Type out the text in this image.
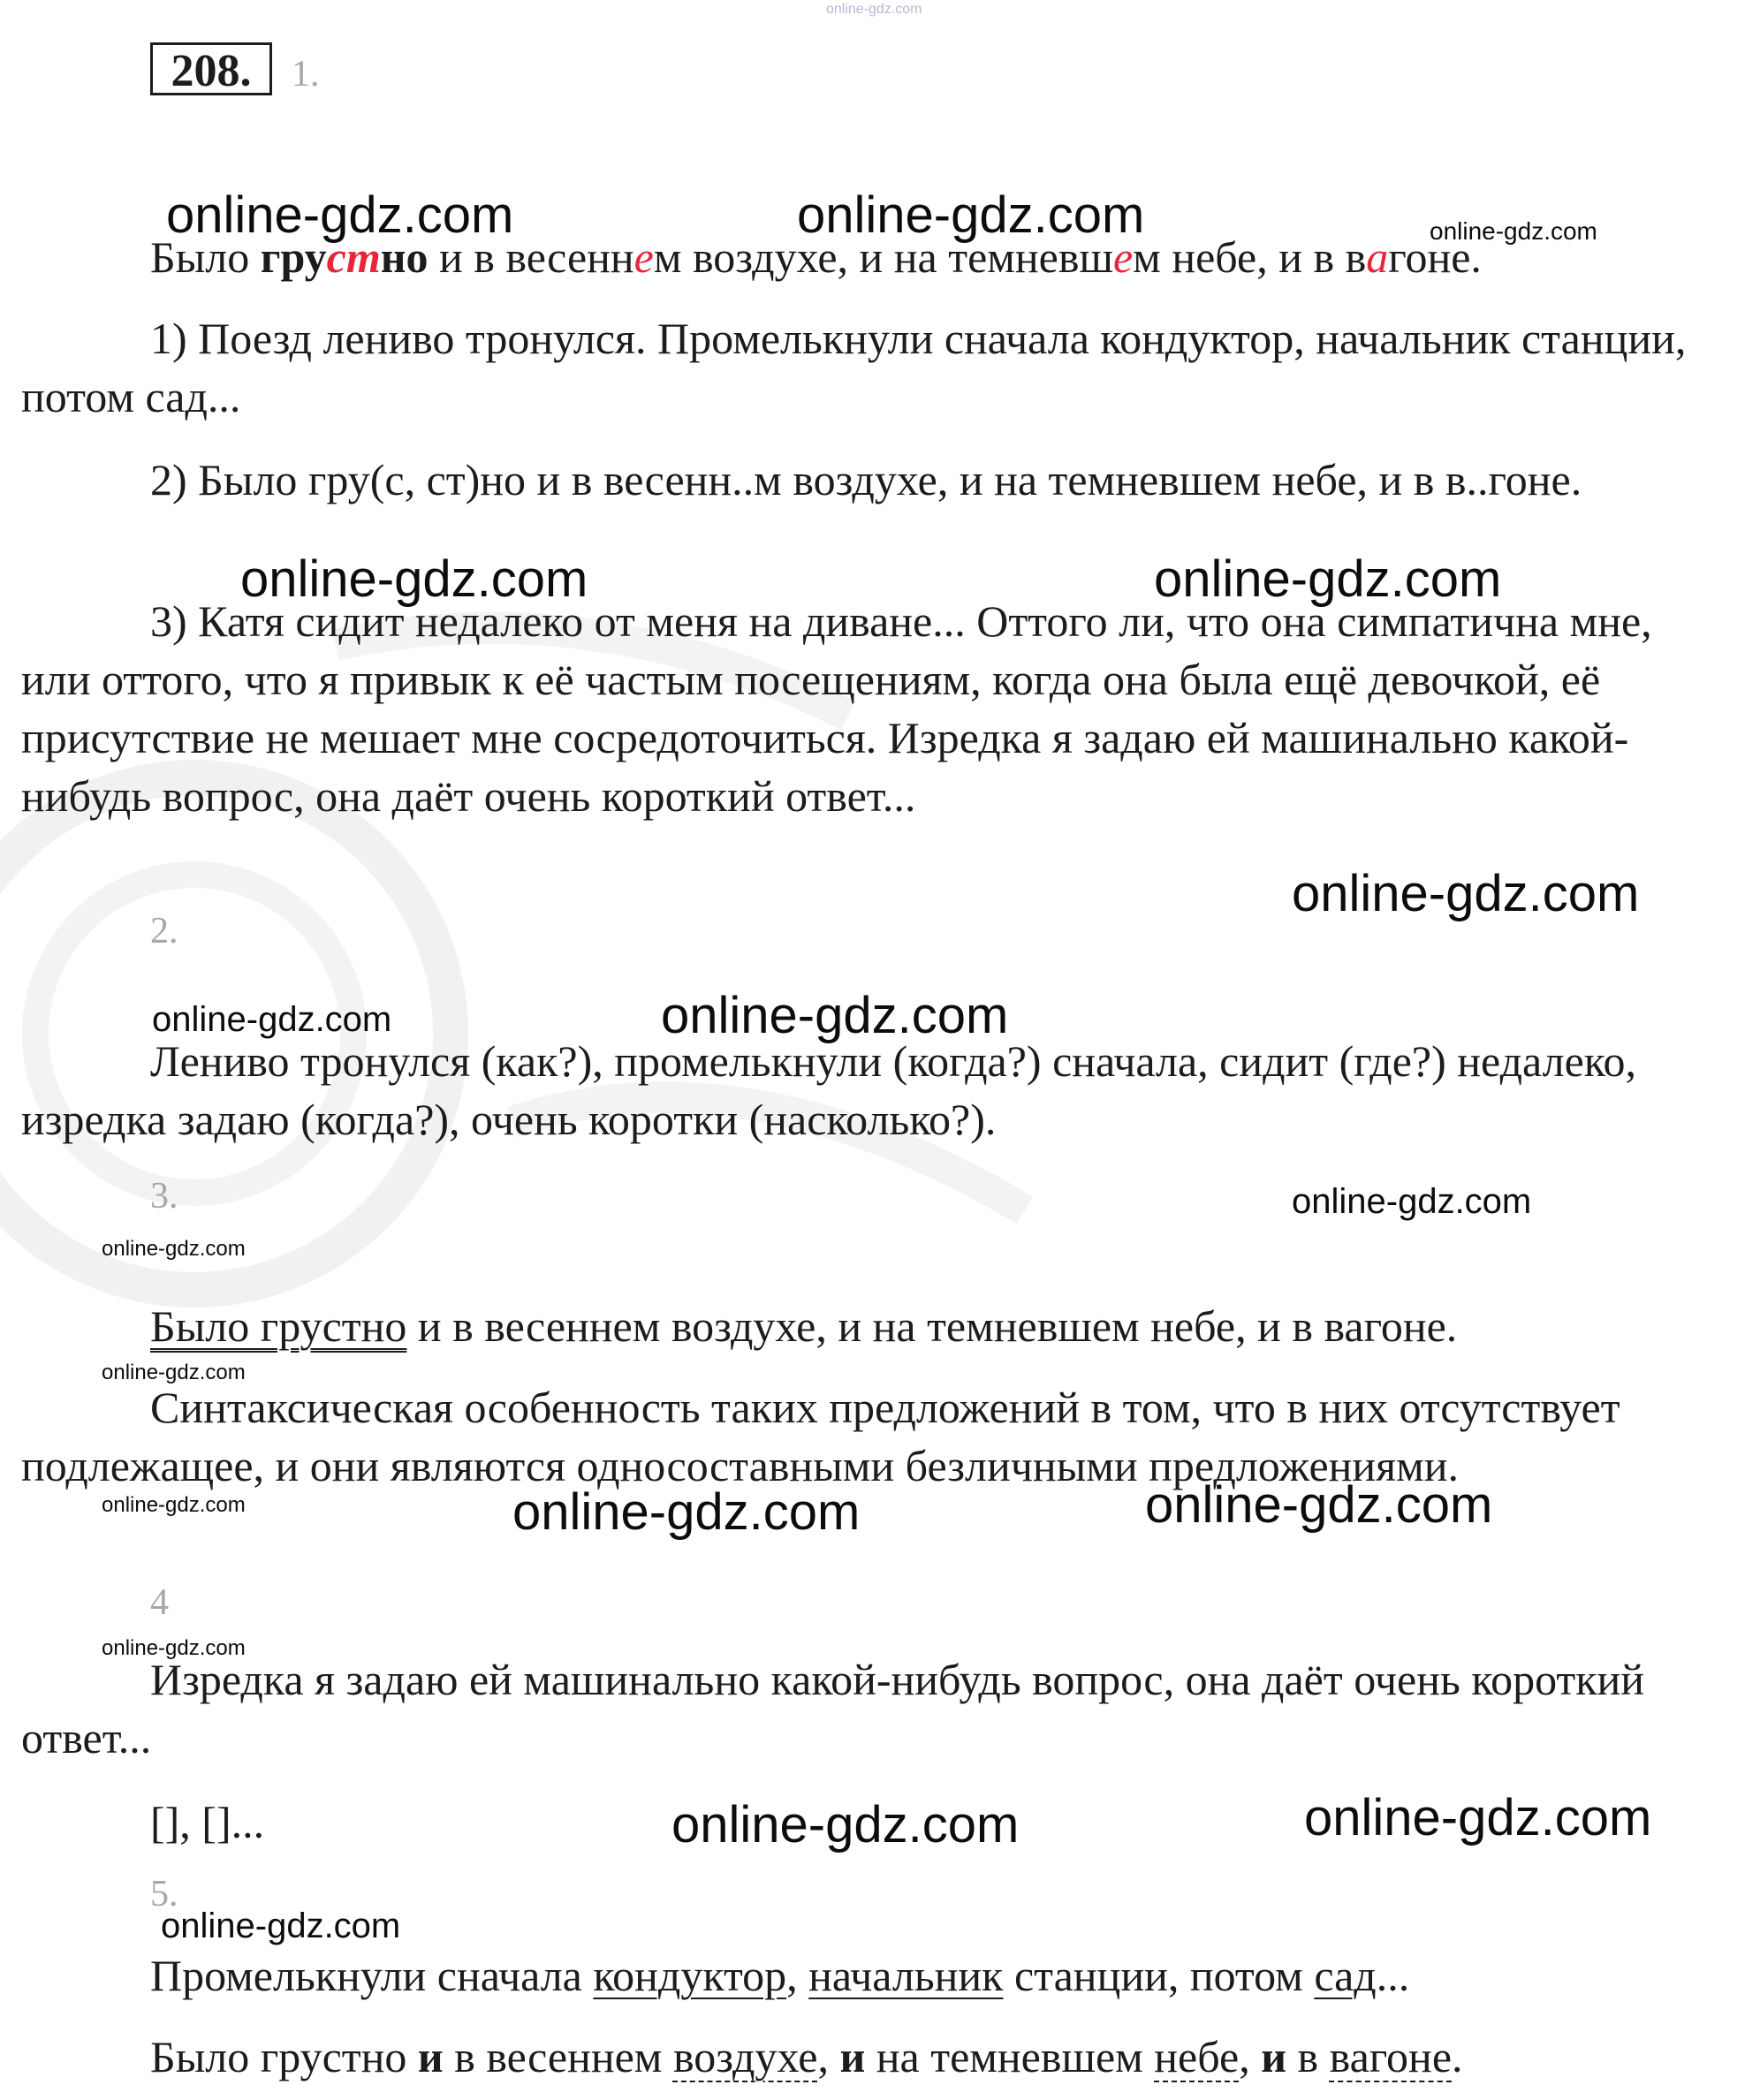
online-gdz.com
208.	1.
Было грустно и в весеннем воздухе, и на темневшем небе, и в вагоне.
1) Поезд лениво тронулся. Промелькнули сначала кондуктор, начальник станции, потом сад...
2) Было гру(с, ст)но и в весенн..м воздухе, и на темневшем небе, и в в..гоне.
3) Катя сидит недалеко от меня на диване... Оттого ли, что она симпатична мне, или оттого, что я привык к её частым посещениям, когда она была ещё девочкой, её присутствие не мешает мне сосредоточиться. Изредка я задаю ей машинально какой-нибудь вопрос, она даёт очень короткий ответ...
2.
Лениво тронулся (как?), промелькнули (когда?) сначала, сидит (где?) недалеко, изредка задаю (когда?), очень коротки (насколько?).
3.
Было грустно и в весеннем воздухе, и на темневшем небе, и в вагоне.
Синтаксическая особенность таких предложений в том, что в них отсутствует подлежащее, и они являются односоставными безличными предложениями.
4
Изредка я задаю ей машинально какой-нибудь вопрос, она даёт очень короткий ответ...
[], []...
5.
Промелькнули сначала кондуктор, начальник станции, потом сад...
Было грустно и в весеннем воздухе, и на темневшем небе, и в вагоне.
online-gdz.com	online-gdz.com	online-gdz.com
online-gdz.com	online-gdz.com
online-gdz.com
online-gdz.com	online-gdz.com
online-gdz.com
online-gdz.com
online-gdz.com
online-gdz.com	online-gdz.com	online-gdz.com
online-gdz.com
online-gdz.com	online-gdz.com
online-gdz.com
